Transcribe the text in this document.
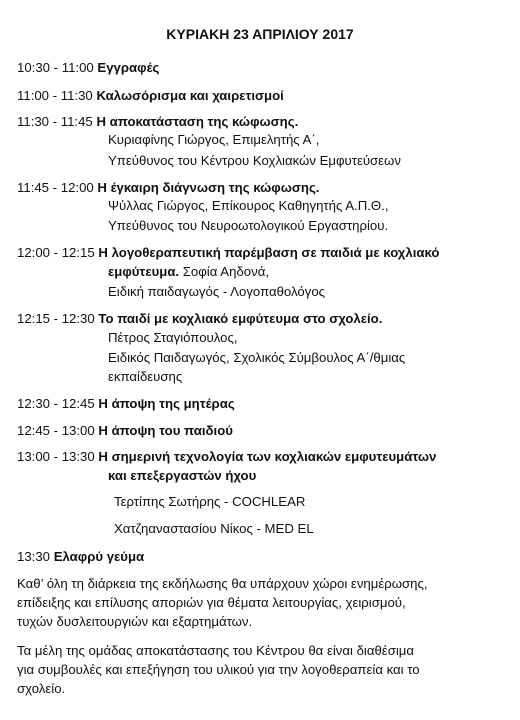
ΚΥΡΙΑΚΗ 23 ΑΠΡΙΛΙΟΥ 2017
10:30 - 11:00 Εγγραφές
11:00 - 11:30 Καλωσόρισμα και χαιρετισμοί
11:30 - 11:45 Η αποκατάσταση της κώφωσης.
Κυριαφίνης Γιώργος, Επιμελητής Α΄,
Υπεύθυνος του Κέντρου Κοχλιακών Εμφυτεύσεων
11:45 - 12:00 Η έγκαιρη διάγνωση της κώφωσης.
Ψύλλας Γιώργος, Επίκουρος Καθηγητής Α.Π.Θ.,
Υπεύθυνος του Νευροωτολογικού Εργαστηρίου.
12:00 - 12:15 Η λογοθεραπευτική παρέμβαση σε παιδιά με κοχλιακό
εμφύτευμα. Σοφία Αηδονά,
Ειδική παιδαγωγός - Λογοπαθολόγος
12:15 - 12:30 Το παιδί με κοχλιακό εμφύτευμα στο σχολείο.
Πέτρος Σταγιόπουλος,
Ειδικός Παιδαγωγός, Σχολικός Σύμβουλος Α΄/θμιας
εκπαίδευσης
12:30 - 12:45 Η άποψη της μητέρας
12:45 - 13:00 Η άποψη του παιδιού
13:00 - 13:30 Η σημερινή τεχνολογία των κοχλιακών εμφυτευμάτων
και επεξεργαστών ήχου
Τερτίπης Σωτήρης - COCHLEAR
Χατζηαναστασίου Νίκος - MED EL
13:30 Ελαφρύ γεύμα
Καθ’ όλη τη διάρκεια της εκδήλωσης θα υπάρχουν χώροι ενημέρωσης,
επίδειξης και επίλυσης αποριών για θέματα λειτουργίας, χειρισμού,
τυχών δυσλειτουργιών και εξαρτημάτων.
Τα μέλη της ομάδας αποκατάστασης του Κέντρου θα είναι διαθέσιμα
για συμβουλές και επεξήγηση του υλικού για την λογοθεραπεία και το
σχολείο.
